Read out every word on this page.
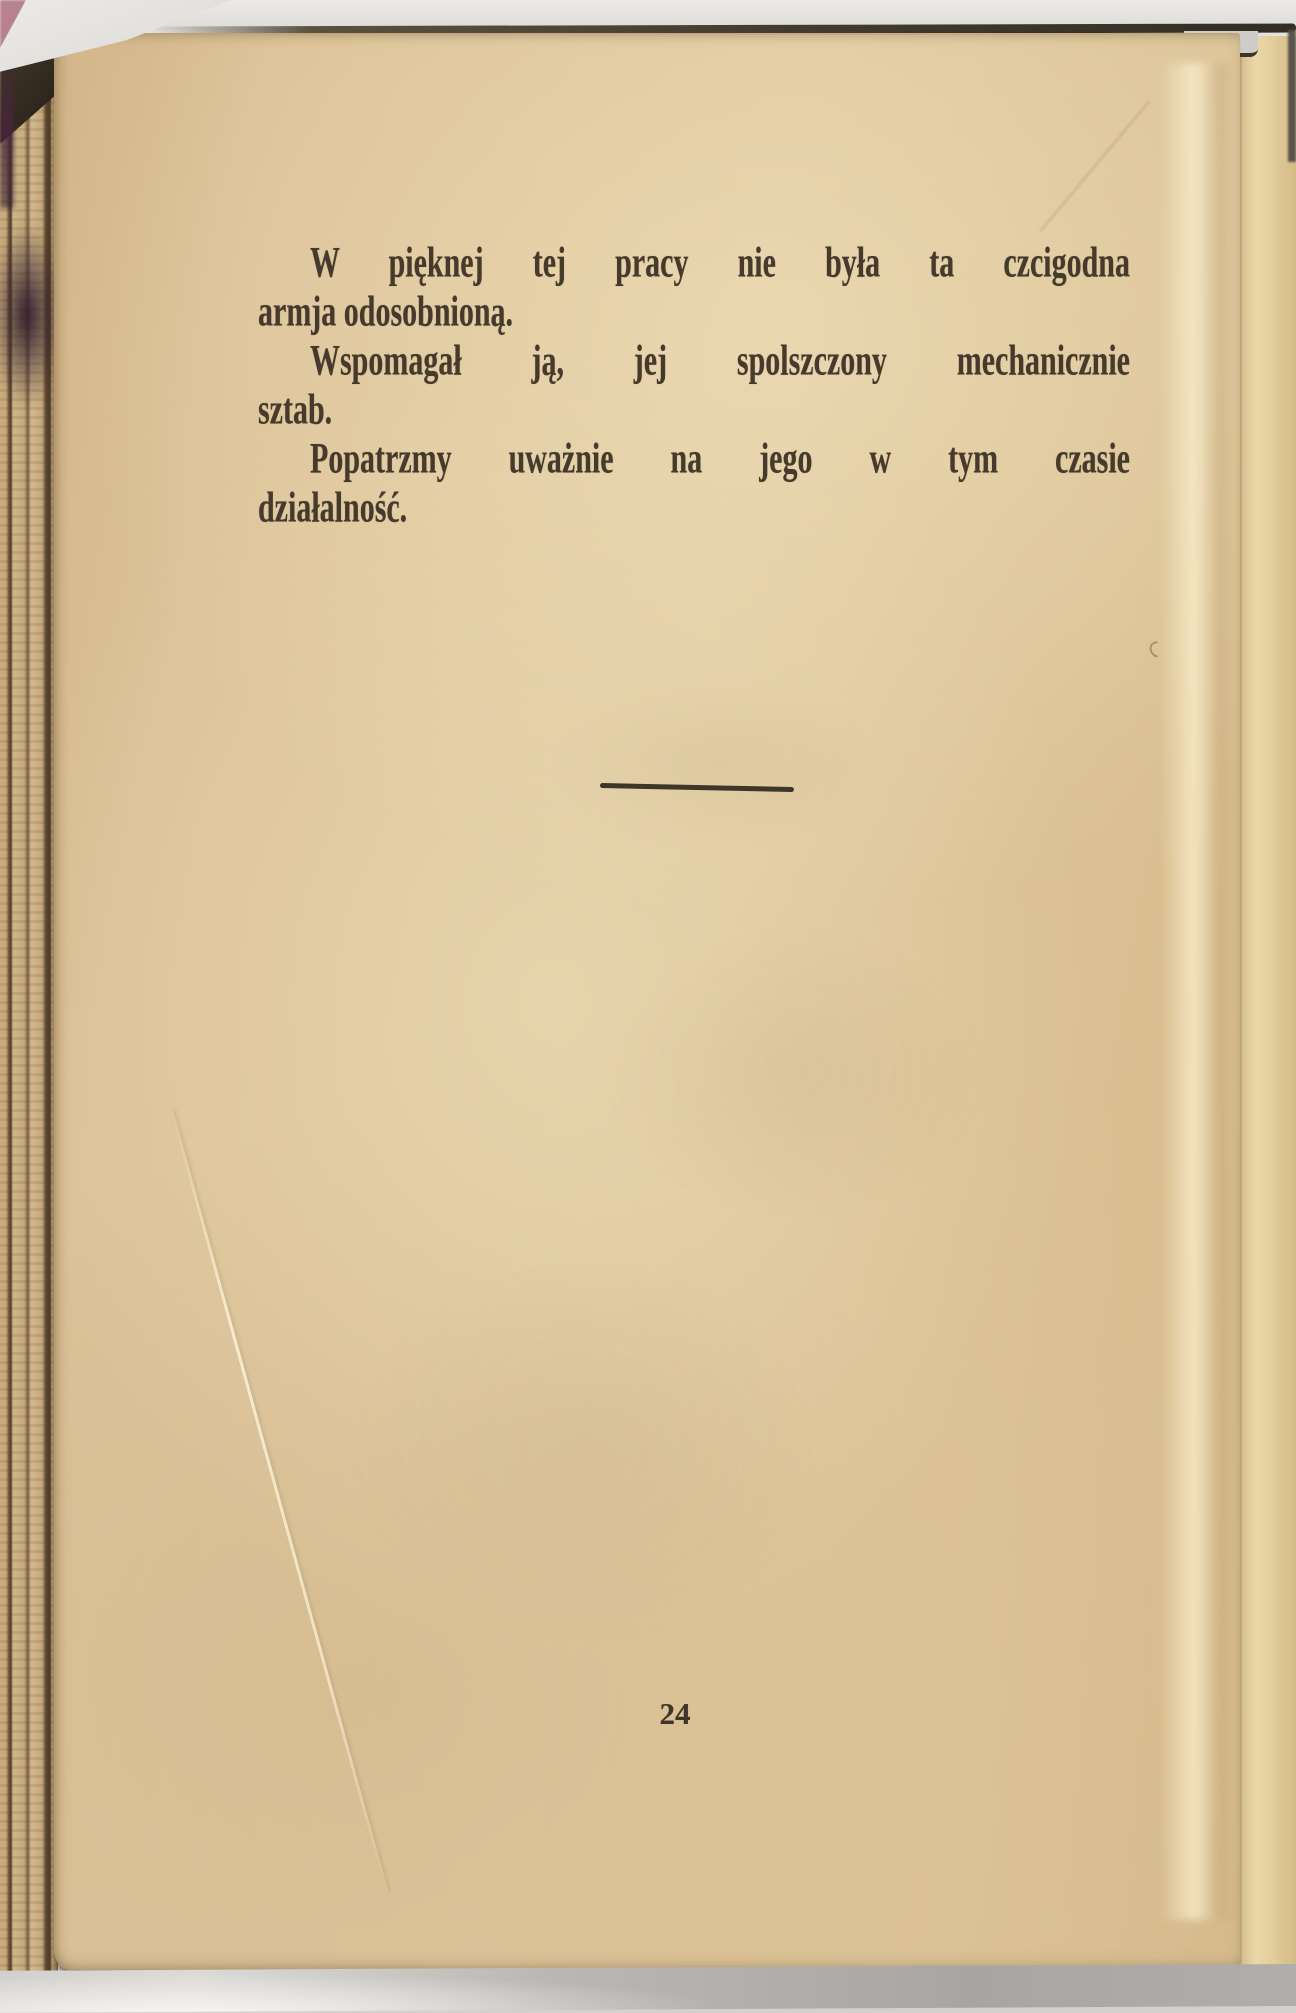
W pięknej tej pracy nie była ta czcigodna
armja odosobnioną.
Wspomagał ją, jej spolszczony mechanicznie
sztab.
Popatrzmy uważnie na jego w tym czasie
działalność.
24
